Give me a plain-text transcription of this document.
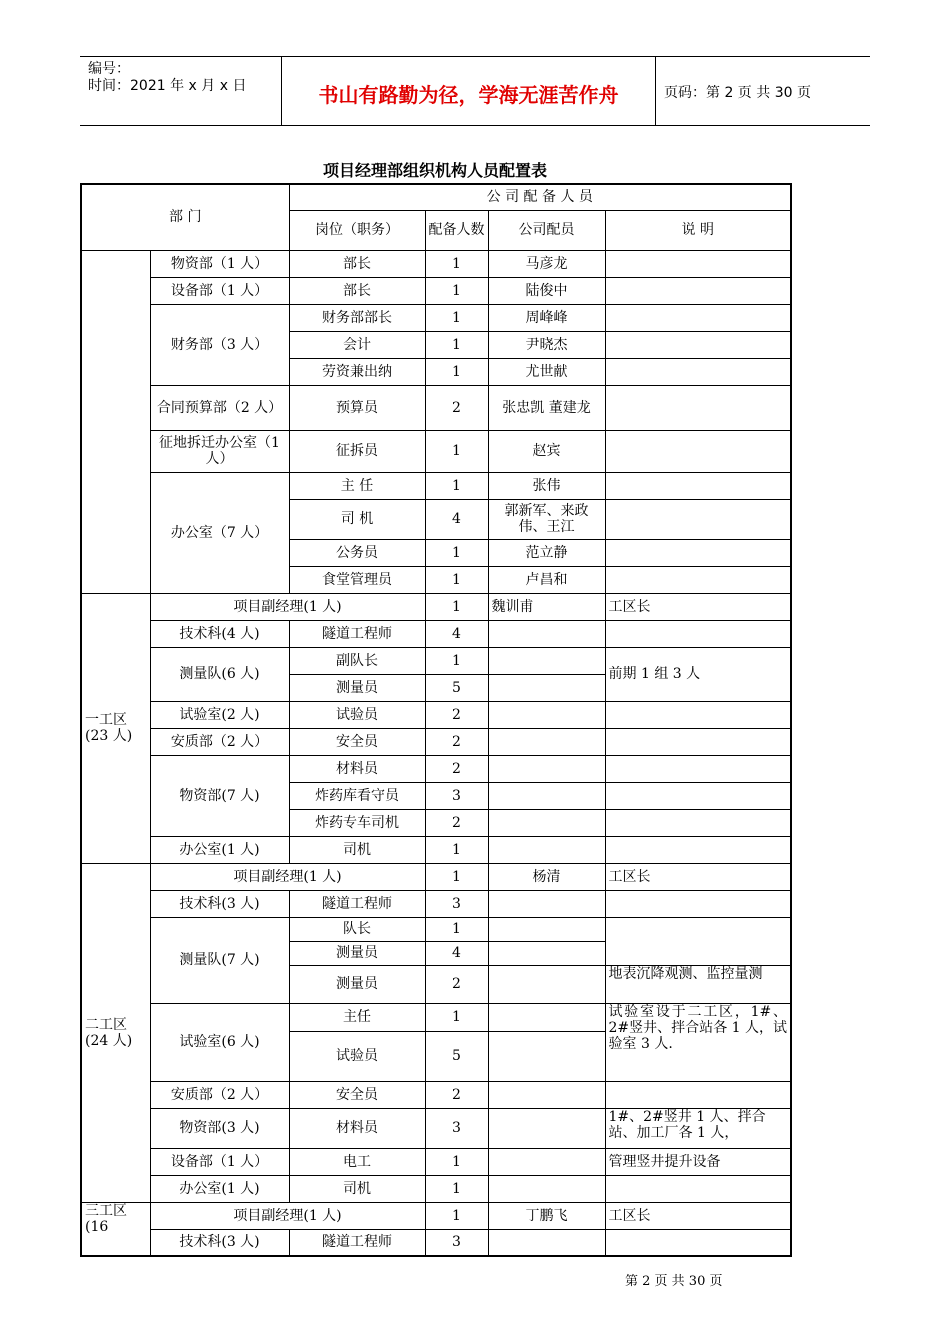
编号：
时间：2021 年 x 月 x 日	书山有路勤为径，学海无涯苦作舟	页码：第 2 页 共 30 页
项目经理部组织机构人员配置表
部 门		公 司 配 备 人 员			
		岗位（职务）	配备人数	公司配员	说 明
	物资部（1 人）	部长	1	马彦龙	
	设备部（1 人）	部长	1	陆俊中	
	财务部（3 人）	财务部部长	1	周峰峰	
		会计	1	尹晓杰	
		劳资兼出纳	1	尤世献	
	合同预算部（2 人）	预算员	2	张忠凯 董建龙	
	征地拆迁办公室（1 人）	征拆员	1	赵宾	
	办公室（7 人）	主 任	1	张伟	
		司 机	4	郭新军、来政伟、王江	
		公务员	1	范立静	
		食堂管理员	1	卢昌和	
一工区 (23 人)	项目副经理(1 人)		1	魏训甫	工区长
	技术科(4 人)	隧道工程师	4		
	测量队(6 人)	副队长	1		前期 1 组 3 人
		测量员	5		
	试验室(2 人)	试验员	2		
	安质部（2 人）	安全员	2		
	物资部(7 人)	材料员	2		
		炸药库看守员	3		
		炸药专车司机	2		
	办公室(1 人)	司机	1		
二工区 (24 人)	项目副经理(1 人)		1	杨清	工区长
	技术科(3 人)	隧道工程师	3		
	测量队(7 人)	队长	1		
		测量员	4		
		测量员	2		地表沉降观测、监控量测
	试验室(6 人)	主任	1		试验室设于二工区，1#、2#竖井、拌合站各 1 人，试验室 3 人.
		试验员	5		
	安质部（2 人）	安全员	2		
	物资部(3 人)	材料员	3		1#、2#竖井 1 人、拌合站、加工厂各 1 人，
	设备部（1 人）	电工	1		管理竖井提升设备
	办公室(1 人)	司机	1		
三工区 (16	项目副经理(1 人)		1	丁鹏飞	工区长
	技术科(3 人)	隧道工程师	3		
第 2 页 共 30 页
